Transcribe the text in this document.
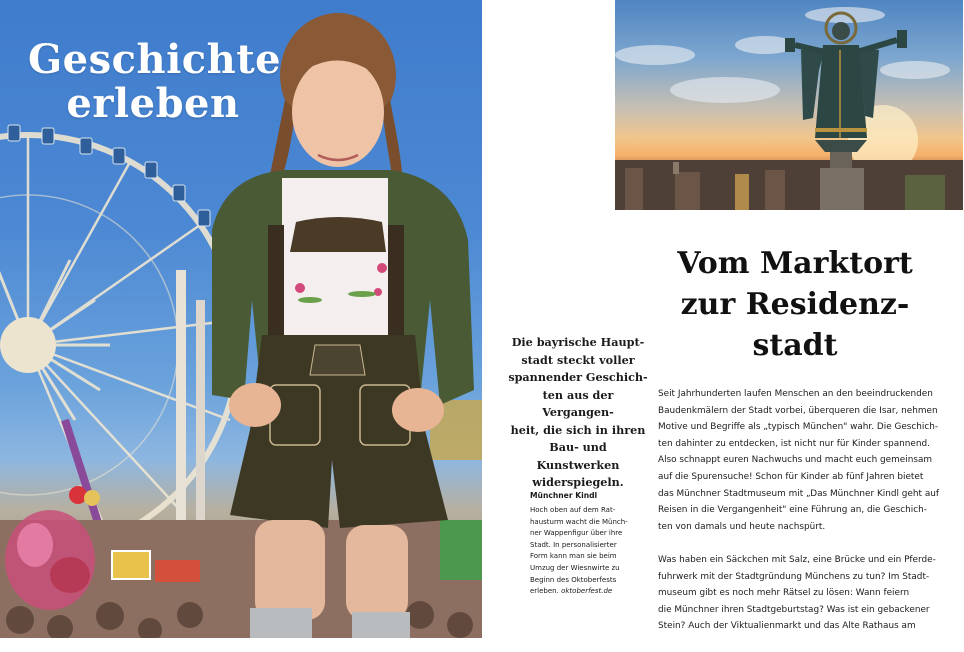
Geschichte
erleben
Vom Marktort
zur Residenz-
stadt

Die bayrische Haupt-
stadt steckt voller
spannender Geschich-
ten aus der Vergangen-
heit, die sich in ihren
Bau- und Kunstwerken
widerspiegeln.

Münchner Kindl

Hoch oben auf dem Rat-
hausturm wacht die Münch-
ner Wappenfigur über ihre
Stadt. In personalisierter
Form kann man sie beim
Umzug der Wiesnwirte zu
Beginn des Oktoberfests
erleben. oktoberfest.de

Seit Jahrhunderten laufen Menschen an den beeindruckenden
Baudenkmälern der Stadt vorbei, überqueren die Isar, nehmen
Motive und Begriffe als „typisch München" wahr. Die Geschich-
ten dahinter zu entdecken, ist nicht nur für Kinder spannend.
Also schnappt euren Nachwuchs und macht euch gemeinsam
auf die Spurensuche! Schon für Kinder ab fünf Jahren bietet
das Münchner Stadtmuseum mit „Das Münchner Kindl geht auf
Reisen in die Vergangenheit" eine Führung an, die Geschich-
ten von damals und heute nachspürt.

Was haben ein Säckchen mit Salz, eine Brücke und ein Pferde-
fuhrwerk mit der Stadtgründung Münchens zu tun? Im Stadt-
museum gibt es noch mehr Rätsel zu lösen: Wann feiern
die Münchner ihren Stadtgeburtstag? Was ist ein gebackener
Stein? Auch der Viktualienmarkt und das Alte Rathaus am
